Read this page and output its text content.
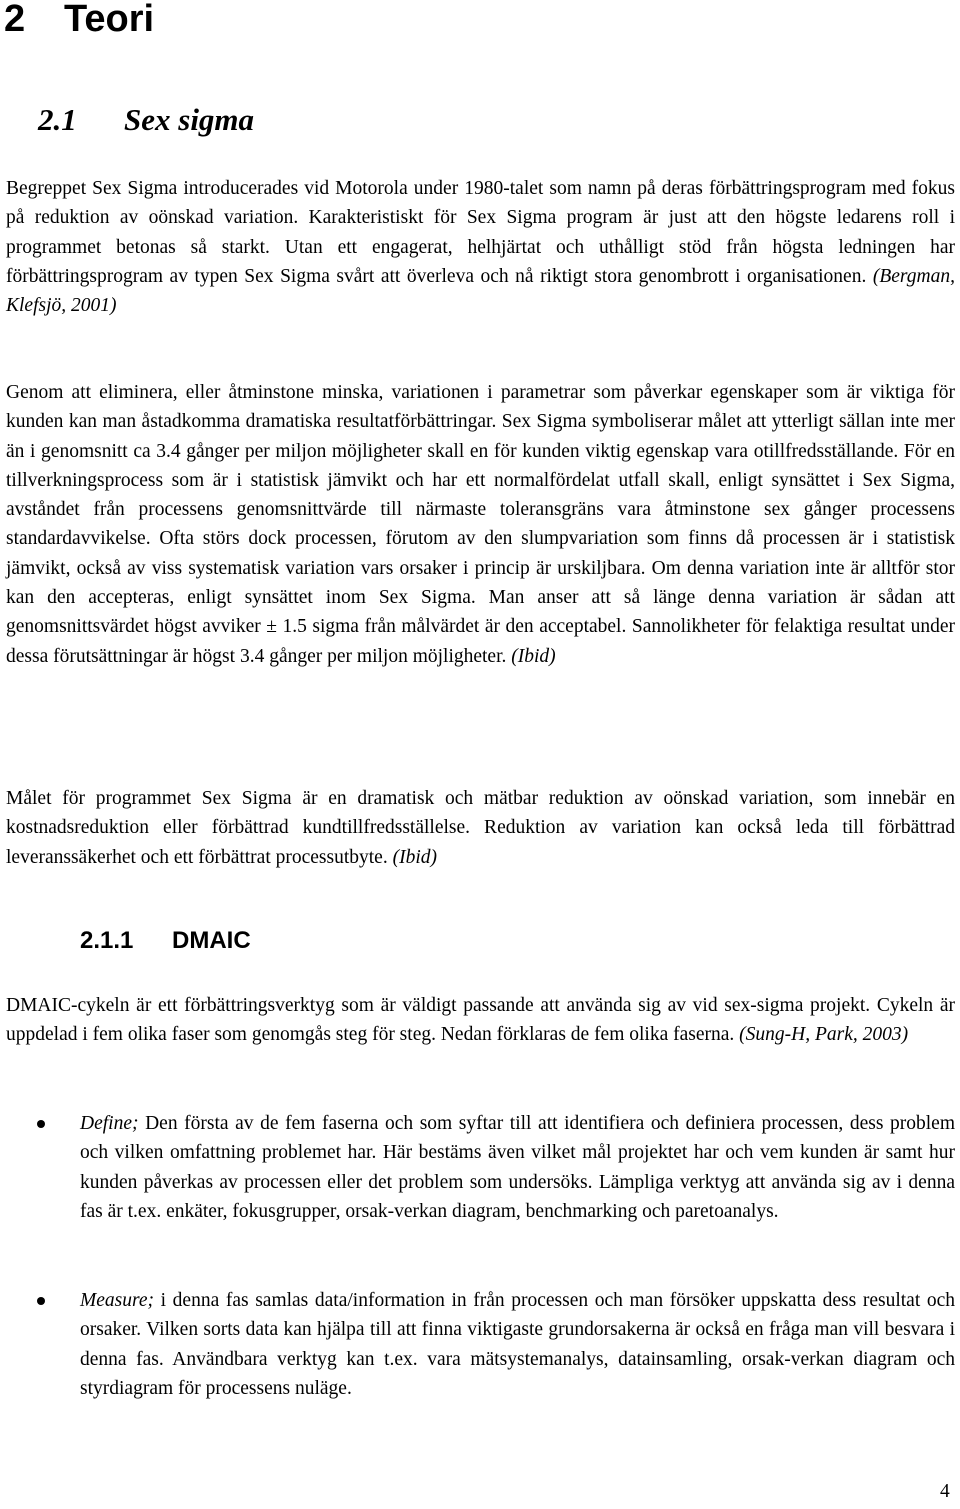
2 Teori
2.1 Sex sigma

Begreppet Sex Sigma introducerades vid Motorola under 1980-talet som namn på deras förbättringsprogram med fokus på reduktion av oönskad variation. Karakteristiskt för Sex Sigma program är just att den högste ledarens roll i programmet betonas så starkt. Utan ett engagerat, helhjärtat och uthålligt stöd från högsta ledningen har förbättringsprogram av typen Sex Sigma svårt att överleva och nå riktigt stora genombrott i organisationen. (Bergman, Klefsjö, 2001)

Genom att eliminera, eller åtminstone minska, variationen i parametrar som påverkar egenskaper som är viktiga för kunden kan man åstadkomma dramatiska resultatförbättringar. Sex Sigma symboliserar målet att ytterligt sällan inte mer än i genomsnitt ca 3.4 gånger per miljon möjligheter skall en för kunden viktig egenskap vara otillfredsställande. För en tillverkningsprocess som är i statistisk jämvikt och har ett normalfördelat utfall skall, enligt synsättet i Sex Sigma, avståndet från processens genomsnittvärde till närmaste toleransgräns vara åtminstone sex gånger processens standardavvikelse. Ofta störs dock processen, förutom av den slumpvariation som finns då processen är i statistisk jämvikt, också av viss systematisk variation vars orsaker i princip är urskiljbara. Om denna variation inte är alltför stor kan den accepteras, enligt synsättet inom Sex Sigma. Man anser att så länge denna variation är sådan att genomsnittsvärdet högst avviker ± 1.5 sigma från målvärdet är den acceptabel. Sannolikheter för felaktiga resultat under dessa förutsättningar är högst 3.4 gånger per miljon möjligheter. (Ibid)

Målet för programmet Sex Sigma är en dramatisk och mätbar reduktion av oönskad variation, som innebär en kostnadsreduktion eller förbättrad kundtillfredsställelse. Reduktion av variation kan också leda till förbättrad leveranssäkerhet och ett förbättrat processutbyte. (Ibid)

2.1.1 DMAIC

DMAIC-cykeln är ett förbättringsverktyg som är väldigt passande att använda sig av vid sex-sigma projekt. Cykeln är uppdelad i fem olika faser som genomgås steg för steg. Nedan förklaras de fem olika faserna. (Sung-H, Park, 2003)

Define; Den första av de fem faserna och som syftar till att identifiera och definiera processen, dess problem och vilken omfattning problemet har. Här bestäms även vilket mål projektet har och vem kunden är samt hur kunden påverkas av processen eller det problem som undersöks. Lämpliga verktyg att använda sig av i denna fas är t.ex. enkäter, fokusgrupper, orsak-verkan diagram, benchmarking och paretoanalys.

Measure; i denna fas samlas data/information in från processen och man försöker uppskatta dess resultat och orsaker. Vilken sorts data kan hjälpa till att finna viktigaste grundorsakerna är också en fråga man vill besvara i denna fas. Användbara verktyg kan t.ex. vara mätsystemanalys, datainsamling, orsak-verkan diagram och styrdiagram för processens nuläge.

4
